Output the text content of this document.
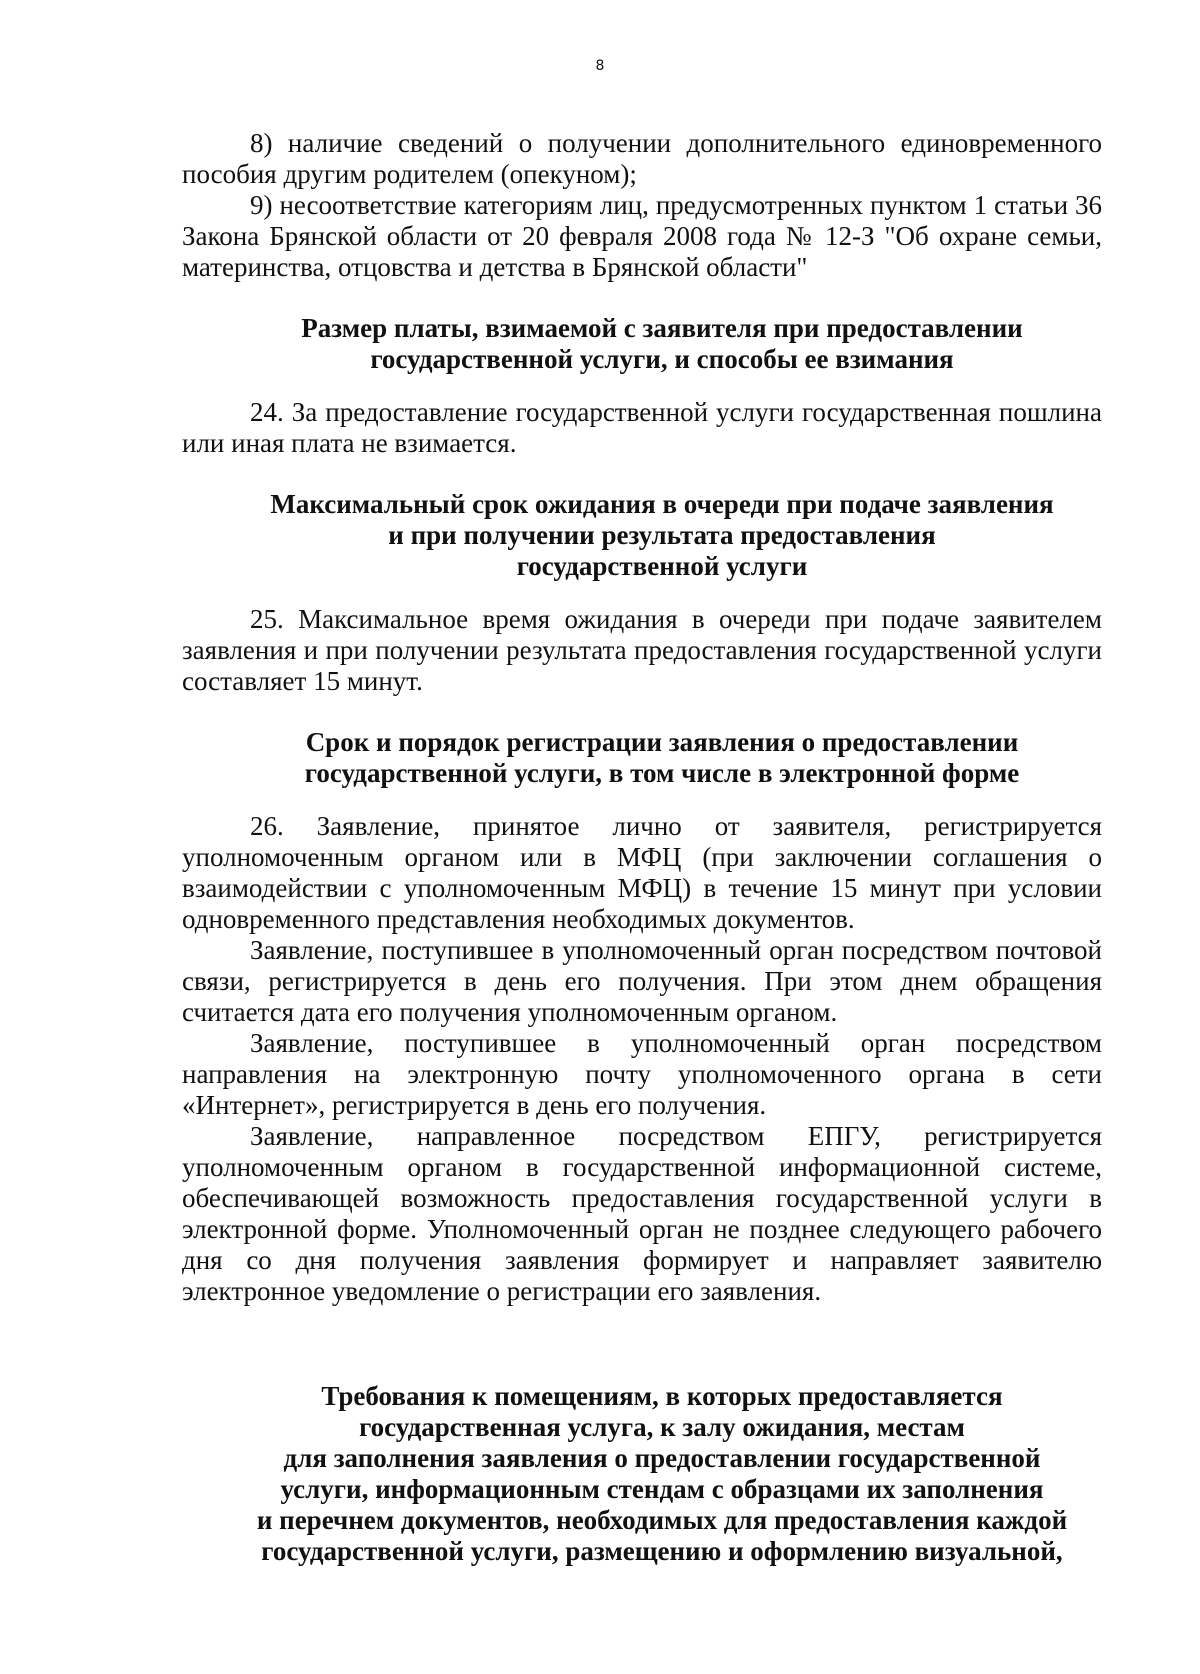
8

8) наличие сведений о получении дополнительного единовременного пособия другим родителем (опекуном);

9) несоответствие категориям лиц, предусмотренных пунктом 1 статьи 36 Закона Брянской области от 20 февраля 2008 года № 12-З "Об охране семьи, материнства, отцовства и детства в Брянской области"

Размер платы, взимаемой с заявителя при предоставлении
государственной услуги, и способы ее взимания

24. За предоставление государственной услуги государственная пошлина или иная плата не взимается.

Максимальный срок ожидания в очереди при подаче заявления
и при получении результата предоставления
государственной услуги

25. Максимальное время ожидания в очереди при подаче заявителем заявления и при получении результата предоставления государственной услуги составляет 15 минут.

Срок и порядок регистрации заявления о предоставлении
государственной услуги, в том числе в электронной форме

26. Заявление, принятое лично от заявителя, регистрируется уполномоченным органом или в МФЦ (при заключении соглашения о взаимодействии с уполномоченным МФЦ) в течение 15 минут при условии одновременного представления необходимых документов.

Заявление, поступившее в уполномоченный орган посредством почтовой связи, регистрируется в день его получения. При этом днем обращения считается дата его получения уполномоченным органом.

Заявление, поступившее в уполномоченный орган посредством направления на электронную почту уполномоченного органа в сети «Интернет», регистрируется в день его получения.

Заявление, направленное посредством ЕПГУ, регистрируется уполномоченным органом в государственной информационной системе, обеспечивающей возможность предоставления государственной услуги в электронной форме. Уполномоченный орган не позднее следующего рабочего дня со дня получения заявления формирует и направляет заявителю электронное уведомление о регистрации его заявления.

Требования к помещениям, в которых предоставляется
государственная услуга, к залу ожидания, местам
для заполнения заявления о предоставлении государственной
услуги, информационным стендам с образцами их заполнения
и перечнем документов, необходимых для предоставления каждой
государственной услуги, размещению и оформлению визуальной,
